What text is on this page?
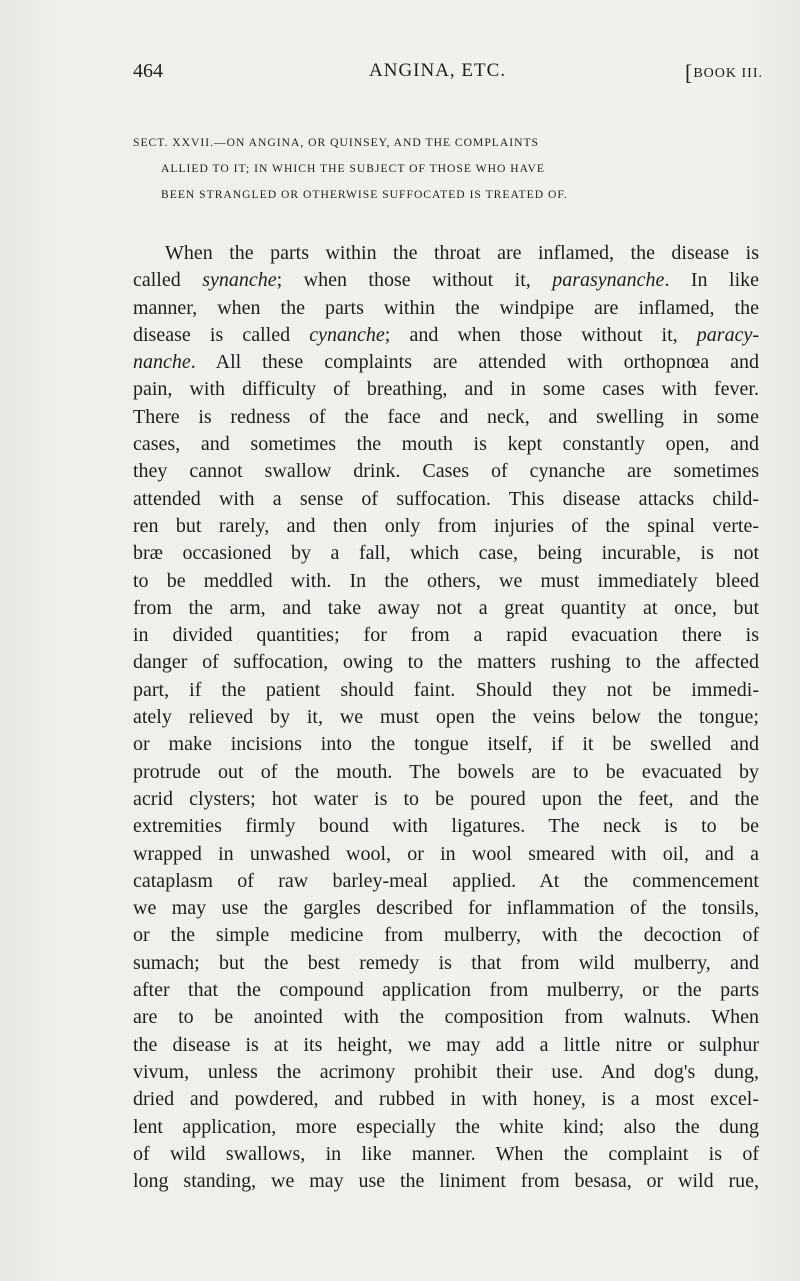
464	ANGINA, ETC.	[BOOK III.
SECT. XXVII.—ON ANGINA, OR QUINSEY, AND THE COMPLAINTS
ALLIED TO IT; IN WHICH THE SUBJECT OF THOSE WHO HAVE
BEEN STRANGLED OR OTHERWISE SUFFOCATED IS TREATED OF.
When the parts within the throat are inflamed, the disease is
called synanche; when those without it, parasynanche. In like
manner, when the parts within the windpipe are inflamed, the
disease is called cynanche; and when those without it, paracy-
nanche. All these complaints are attended with orthopnœa and
pain, with difficulty of breathing, and in some cases with fever.
There is redness of the face and neck, and swelling in some
cases, and sometimes the mouth is kept constantly open, and
they cannot swallow drink. Cases of cynanche are sometimes
attended with a sense of suffocation. This disease attacks child-
ren but rarely, and then only from injuries of the spinal verte-
bræ occasioned by a fall, which case, being incurable, is not
to be meddled with. In the others, we must immediately bleed
from the arm, and take away not a great quantity at once, but
in divided quantities; for from a rapid evacuation there is
danger of suffocation, owing to the matters rushing to the affected
part, if the patient should faint. Should they not be immedi-
ately relieved by it, we must open the veins below the tongue;
or make incisions into the tongue itself, if it be swelled and
protrude out of the mouth. The bowels are to be evacuated by
acrid clysters; hot water is to be poured upon the feet, and the
extremities firmly bound with ligatures. The neck is to be
wrapped in unwashed wool, or in wool smeared with oil, and a
cataplasm of raw barley-meal applied. At the commencement
we may use the gargles described for inflammation of the tonsils,
or the simple medicine from mulberry, with the decoction of
sumach; but the best remedy is that from wild mulberry, and
after that the compound application from mulberry, or the parts
are to be anointed with the composition from walnuts. When
the disease is at its height, we may add a little nitre or sulphur
vivum, unless the acrimony prohibit their use. And dog's dung,
dried and powdered, and rubbed in with honey, is a most excel-
lent application, more especially the white kind; also the dung
of wild swallows, in like manner. When the complaint is of
long standing, we may use the liniment from besasa, or wild rue,
